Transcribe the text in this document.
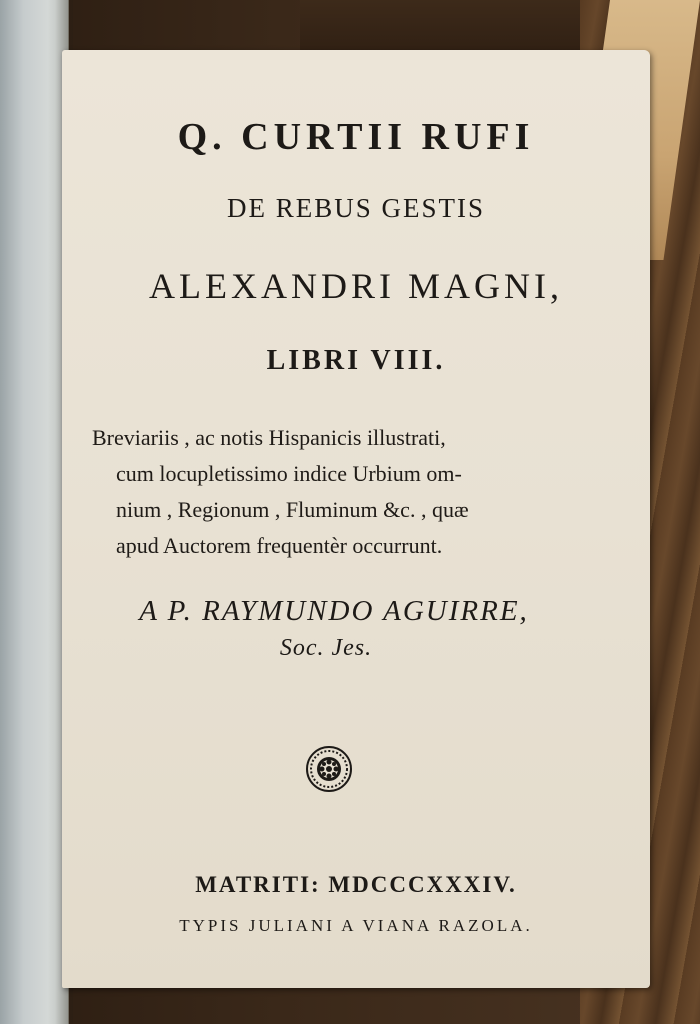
Q. CURTII RUFI
DE REBUS GESTIS
ALEXANDRI MAGNI,
LIBRI VIII.
Breviariis , ac notis Hispanicis illustrati,
cum locupletissimo indice Urbium om-
nium , Regionum , Fluminum &c. , quæ
apud Auctorem frequentèr occurrunt.
A P. RAYMUNDO AGUIRRE,
Soc. Jes.
MATRITI: MDCCCXXXIV.
TYPIS JULIANI A VIANA RAZOLA.
